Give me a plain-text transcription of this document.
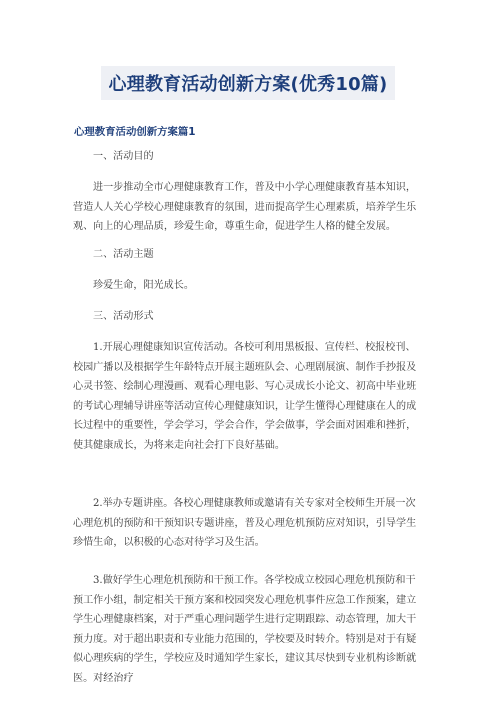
心理教育活动创新方案(优秀10篇)
心理教育活动创新方案篇1

一、活动目的

进一步推动全市心理健康教育工作，普及中小学心理健康教育基本知识，营造人人关心学校心理健康教育的氛围，进而提高学生心理素质，培养学生乐观、向上的心理品质，珍爱生命，尊重生命，促进学生人格的健全发展。

二、活动主题

珍爱生命，阳光成长。

三、活动形式

1.开展心理健康知识宣传活动。各校可利用黑板报、宣传栏、校报校刊、校园广播以及根据学生年龄特点开展主题班队会、心理剧展演、制作手抄报及心灵书签、绘制心理漫画、观看心理电影、写心灵成长小论文、初高中毕业班的考试心理辅导讲座等活动宣传心理健康知识，让学生懂得心理健康在人的成长过程中的重要性，学会学习，学会合作，学会做事，学会面对困难和挫折，使其健康成长，为将来走向社会打下良好基础。

2.举办专题讲座。各校心理健康教师或邀请有关专家对全校师生开展一次心理危机的预防和干预知识专题讲座，普及心理危机预防应对知识，引导学生珍惜生命，以积极的心态对待学习及生活。

3.做好学生心理危机预防和干预工作。各学校成立校园心理危机预防和干预工作小组，制定相关干预方案和校园突发心理危机事件应急工作预案，建立学生心理健康档案，对于严重心理问题学生进行定期跟踪、动态管理，加大干预力度。对于超出职责和专业能力范围的，学校要及时转介。特别是对于有疑似心理疾病的学生，学校应及时通知学生家长，建议其尽快到专业机构诊断就医。对经治疗
